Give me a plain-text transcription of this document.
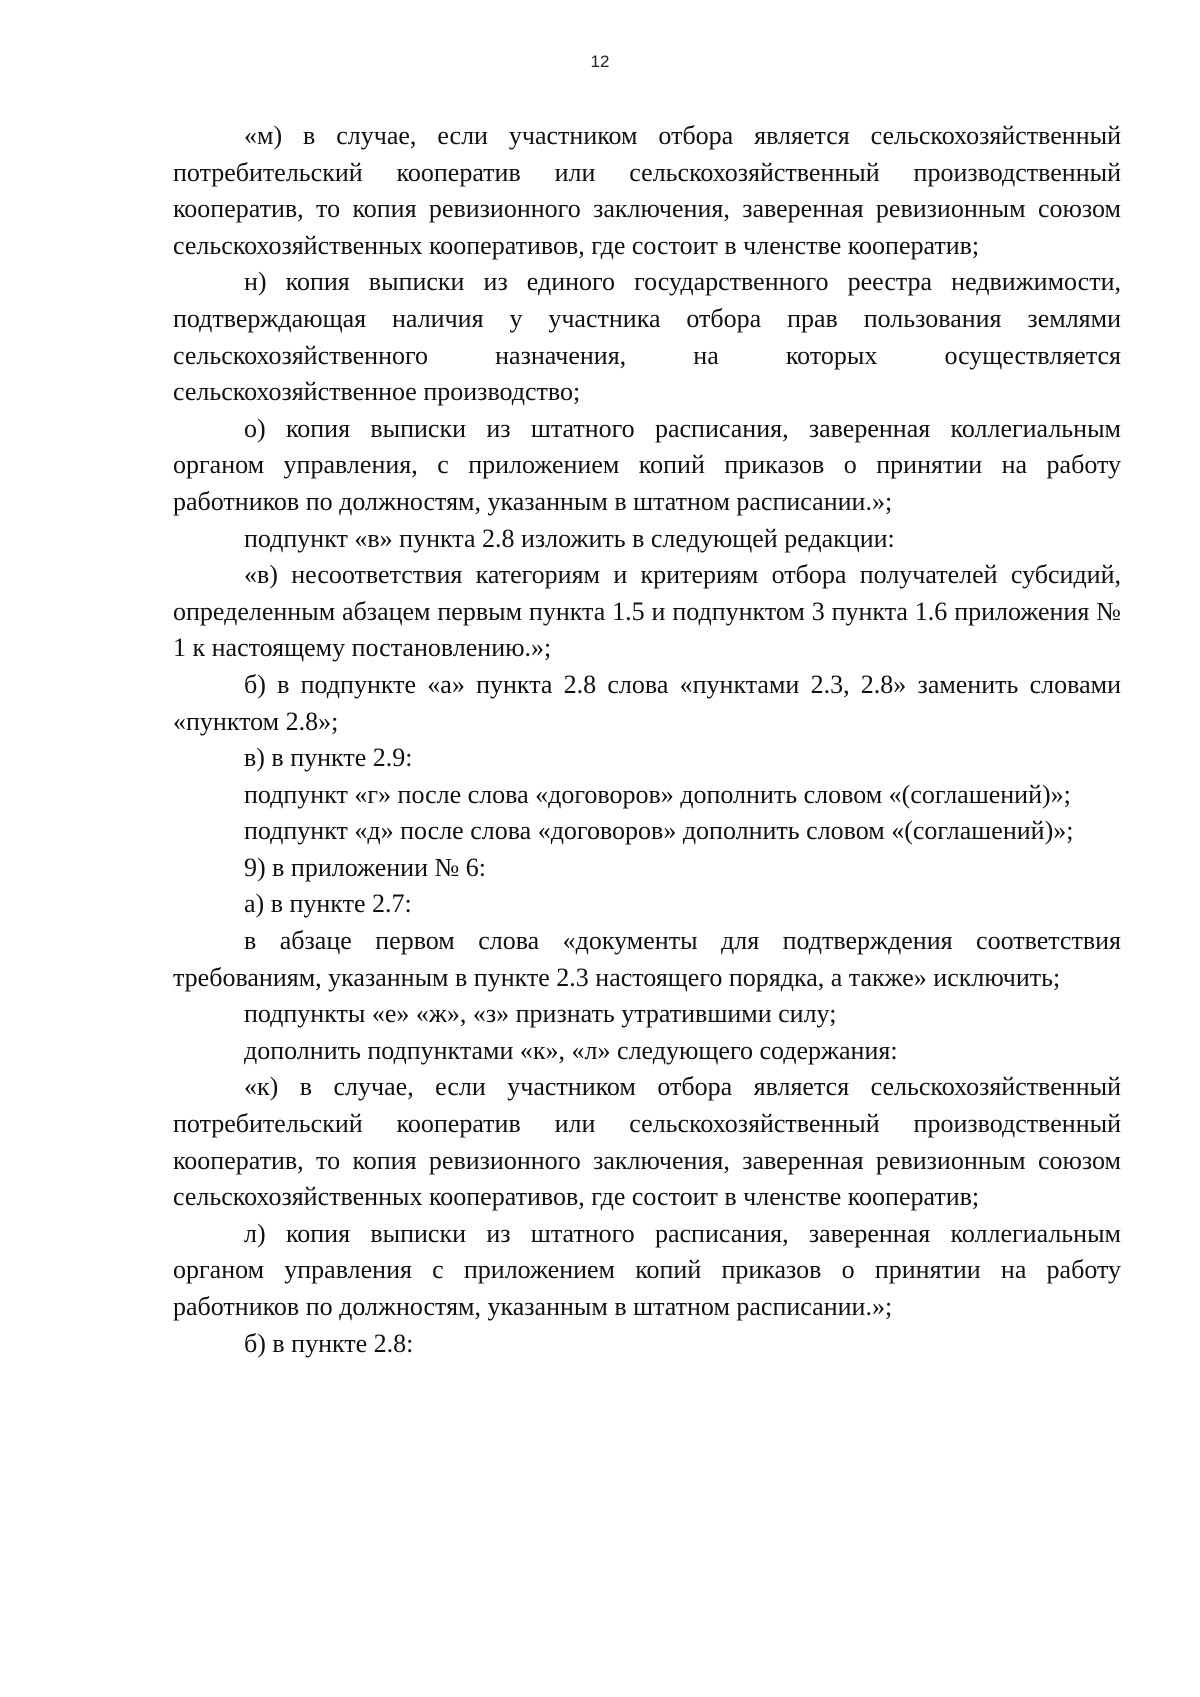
12

«м) в случае, если участником отбора является сельскохозяйственный потребительский кооператив или сельскохозяйственный производственный кооператив, то копия ревизионного заключения, заверенная ревизионным союзом сельскохозяйственных кооперативов, где состоит в членстве кооператив;

н) копия выписки из единого государственного реестра недвижимости, подтверждающая наличия у участника отбора прав пользования землями сельскохозяйственного назначения, на которых осуществляется сельскохозяйственное производство;

о) копия выписки из штатного расписания, заверенная коллегиальным органом управления, с приложением копий приказов о принятии на работу работников по должностям, указанным в штатном расписании.»;

подпункт «в» пункта 2.8 изложить в следующей редакции:

«в) несоответствия категориям и критериям отбора получателей субсидий, определенным абзацем первым пункта 1.5 и подпунктом 3 пункта 1.6 приложения № 1 к настоящему постановлению.»;

б) в подпункте «а» пункта 2.8 слова «пунктами 2.3, 2.8» заменить словами «пунктом 2.8»;

в) в пункте 2.9:

подпункт «г» после слова «договоров» дополнить словом «(соглашений)»;

подпункт «д» после слова «договоров» дополнить словом «(соглашений)»;

9) в приложении № 6:

а) в пункте 2.7:

в абзаце первом слова «документы для подтверждения соответствия требованиям, указанным в пункте 2.3 настоящего порядка, а также» исключить;

подпункты «е» «ж», «з» признать утратившими силу;

дополнить подпунктами «к», «л» следующего содержания:

«к) в случае, если участником отбора является сельскохозяйственный потребительский кооператив или сельскохозяйственный производственный кооператив, то копия ревизионного заключения, заверенная ревизионным союзом сельскохозяйственных кооперативов, где состоит в членстве кооператив;

л) копия выписки из штатного расписания, заверенная коллегиальным органом управления с приложением копий приказов о принятии на работу работников по должностям, указанным в штатном расписании.»;

б) в пункте 2.8:
